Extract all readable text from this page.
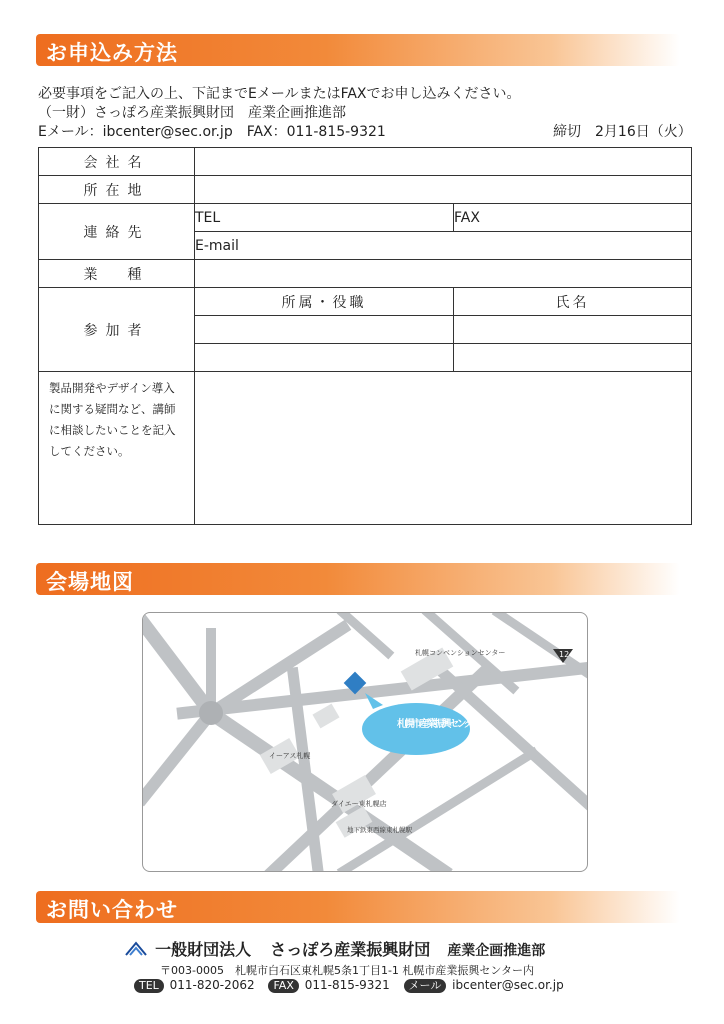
お申込み方法
必要事項をご記入の上、下記までEメールまたはFAXでお申し込みください。
（一財）さっぽろ産業振興財団　産業企画推進部
Eメール：ibcenter@sec.or.jp　FAX：011-815-9321	締切　2月16日（火）
会社名		
所在地		
連絡先	TEL	FAX
	E-mail	
業　種		
参加者	所属・役職	氏名

製品開発やデザイン導入に関する疑問など、講師に相談したいことを記入してください。		
会場地図
札幌市産業振興センター
札幌コンベンションセンター
イーアス札幌
ダイエー東札幌店
地下鉄東西線東札幌駅
12
お問い合わせ
一般財団法人 さっぽろ産業振興財団 産業企画推進部
〒003-0005　札幌市白石区東札幌5条1丁目1-1 札幌市産業振興センター内
TEL 011-820-2062 FAX 011-815-9321 メール ibcenter@sec.or.jp
